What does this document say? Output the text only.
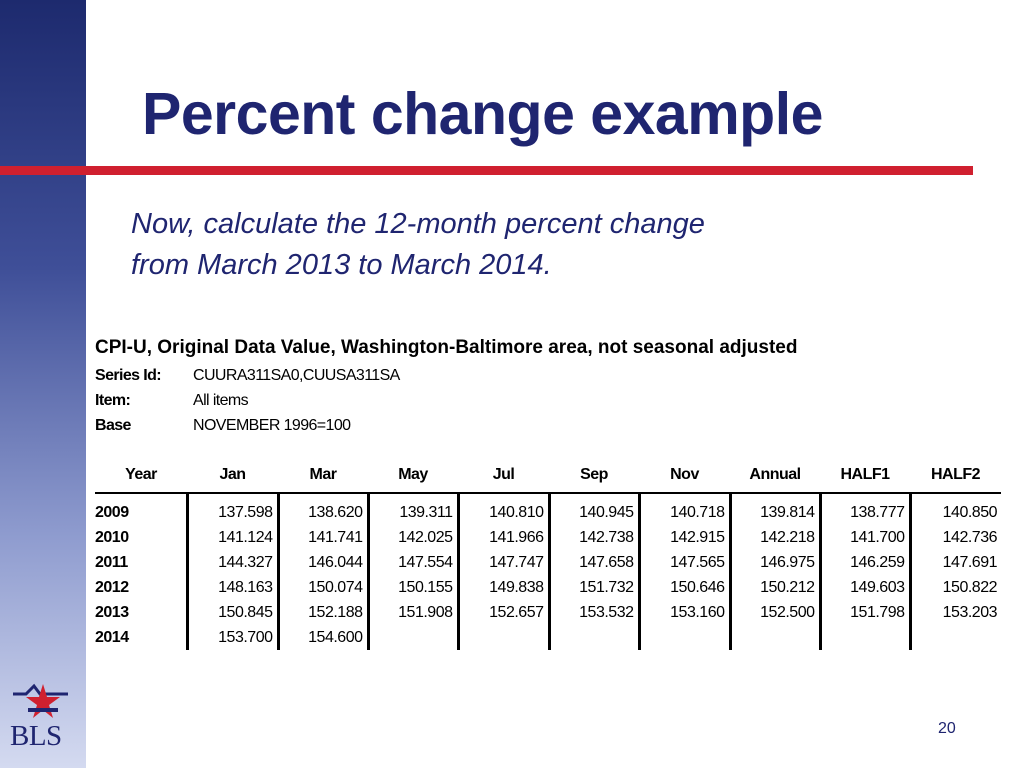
Percent change example
Now, calculate the 12-month percent change
from March 2013 to March 2014.
CPI-U, Original Data Value, Washington-Baltimore area, not seasonal adjusted
Series Id:	CUURA311SA0,CUUSA311SA
Item:	All items
Base	NOVEMBER 1996=100
Year	Jan	Mar	May	Jul	Sep	Nov	Annual	HALF1	HALF2
2009	137.598	138.620	139.311	140.810	140.945	140.718	139.814	138.777	140.850
2010	141.124	141.741	142.025	141.966	142.738	142.915	142.218	141.700	142.736
2011	144.327	146.044	147.554	147.747	147.658	147.565	146.975	146.259	147.691
2012	148.163	150.074	150.155	149.838	151.732	150.646	150.212	149.603	150.822
2013	150.845	152.188	151.908	152.657	153.532	153.160	152.500	151.798	153.203
2014	153.700	154.600							
BLS	20
